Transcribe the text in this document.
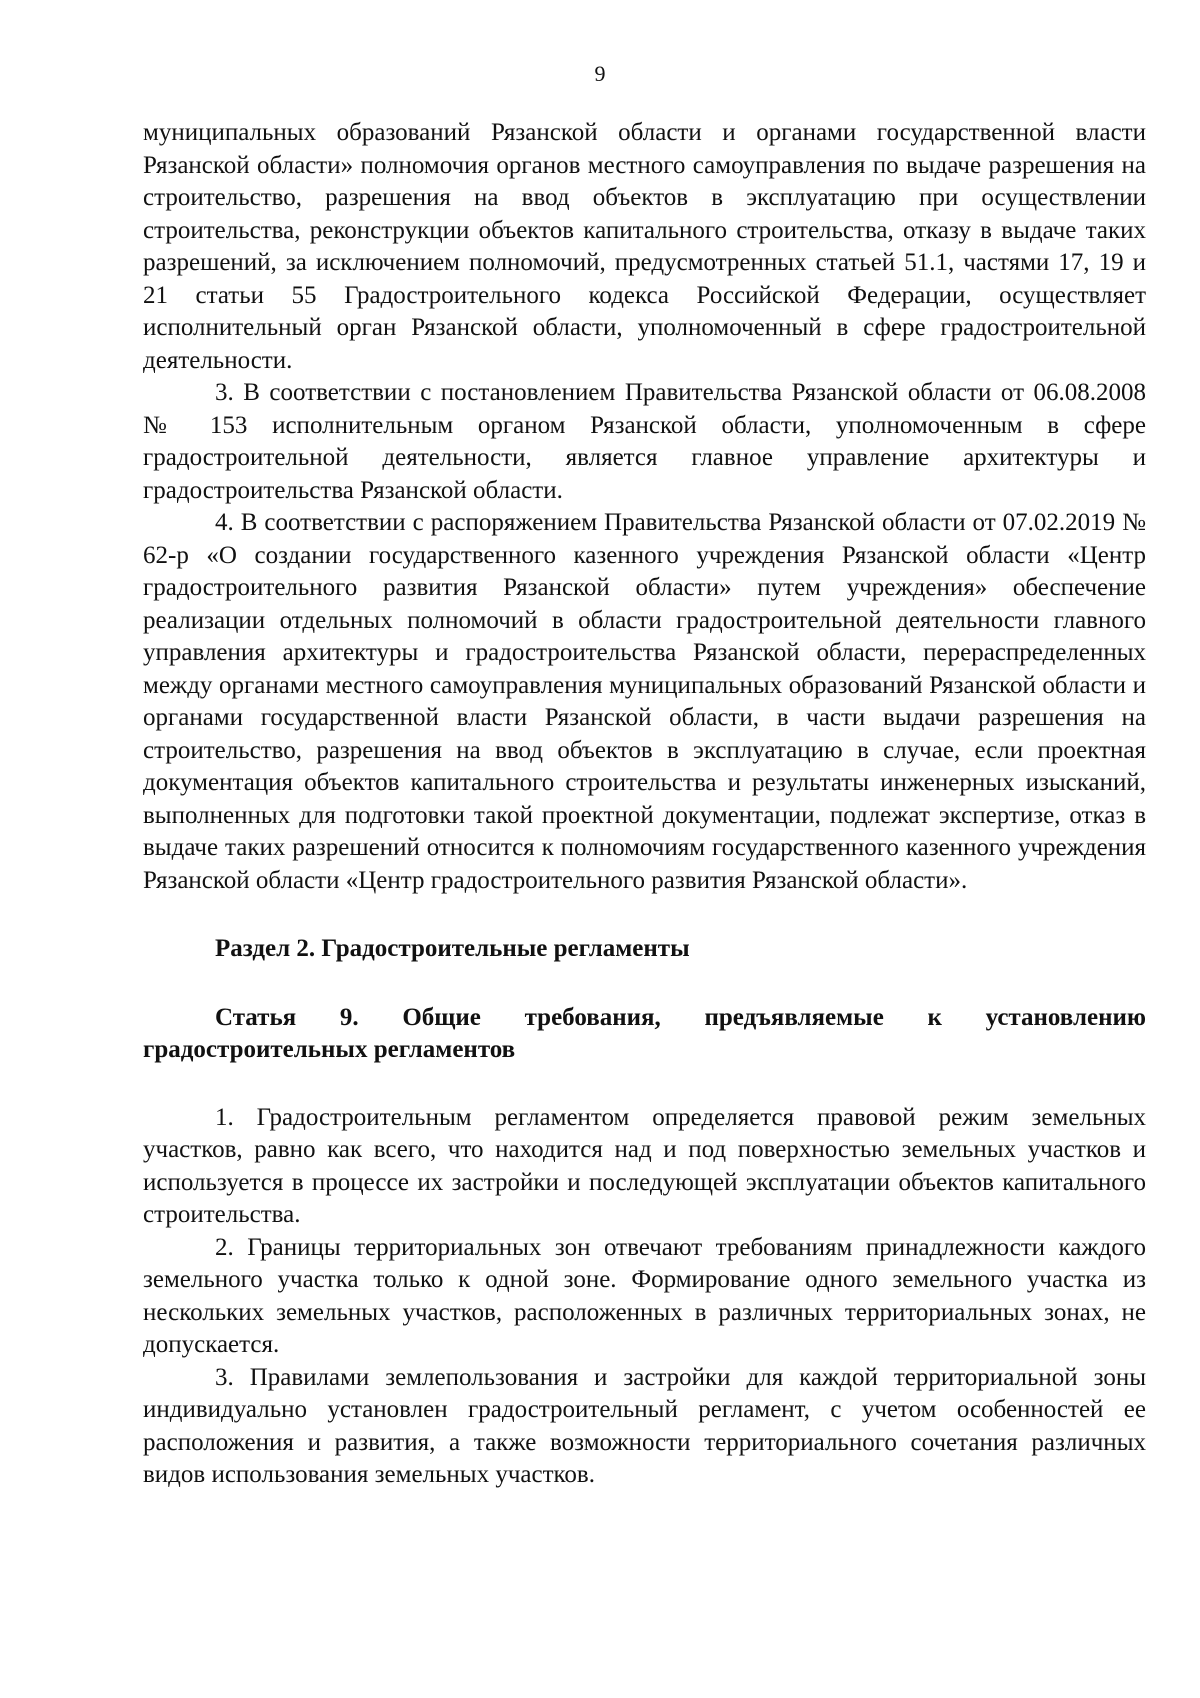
9

муниципальных образований Рязанской области и органами государственной власти Рязанской области» полномочия органов местного самоуправления по выдаче разрешения на строительство, разрешения на ввод объектов в эксплуатацию при осуществлении строительства, реконструкции объектов капитального строительства, отказу в выдаче таких разрешений, за исключением полномочий, предусмотренных статьей 51.1, частями 17, 19 и 21 статьи 55 Градостроительного кодекса Российской Федерации, осуществляет исполнительный орган Рязанской области, уполномоченный в сфере градостроительной деятельности.

3. В соответствии с постановлением Правительства Рязанской области от 06.08.2008 № 153 исполнительным органом Рязанской области, уполномоченным в сфере градостроительной деятельности, является главное управление архитектуры и градостроительства Рязанской области.

4. В соответствии с распоряжением Правительства Рязанской области от 07.02.2019 № 62-р «О создании государственного казенного учреждения Рязанской области «Центр градостроительного развития Рязанской области» путем учреждения» обеспечение реализации отдельных полномочий в области градостроительной деятельности главного управления архитектуры и градостроительства Рязанской области, перераспределенных между органами местного самоуправления муниципальных образований Рязанской области и органами государственной власти Рязанской области, в части выдачи разрешения на строительство, разрешения на ввод объектов в эксплуатацию в случае, если проектная документация объектов капитального строительства и результаты инженерных изысканий, выполненных для подготовки такой проектной документации, подлежат экспертизе, отказ в выдаче таких разрешений относится к полномочиям государственного казенного учреждения Рязанской области «Центр градостроительного развития Рязанской области».

Раздел 2. Градостроительные регламенты

Статья 9. Общие требования, предъявляемые к установлению градостроительных регламентов

1. Градостроительным регламентом определяется правовой режим земельных участков, равно как всего, что находится над и под поверхностью земельных участков и используется в процессе их застройки и последующей эксплуатации объектов капитального строительства.

2. Границы территориальных зон отвечают требованиям принадлежности каждого земельного участка только к одной зоне. Формирование одного земельного участка из нескольких земельных участков, расположенных в различных территориальных зонах, не допускается.

3. Правилами землепользования и застройки для каждой территориальной зоны индивидуально установлен градостроительный регламент, с учетом особенностей ее расположения и развития, а также возможности территориального сочетания различных видов использования земельных участков.
